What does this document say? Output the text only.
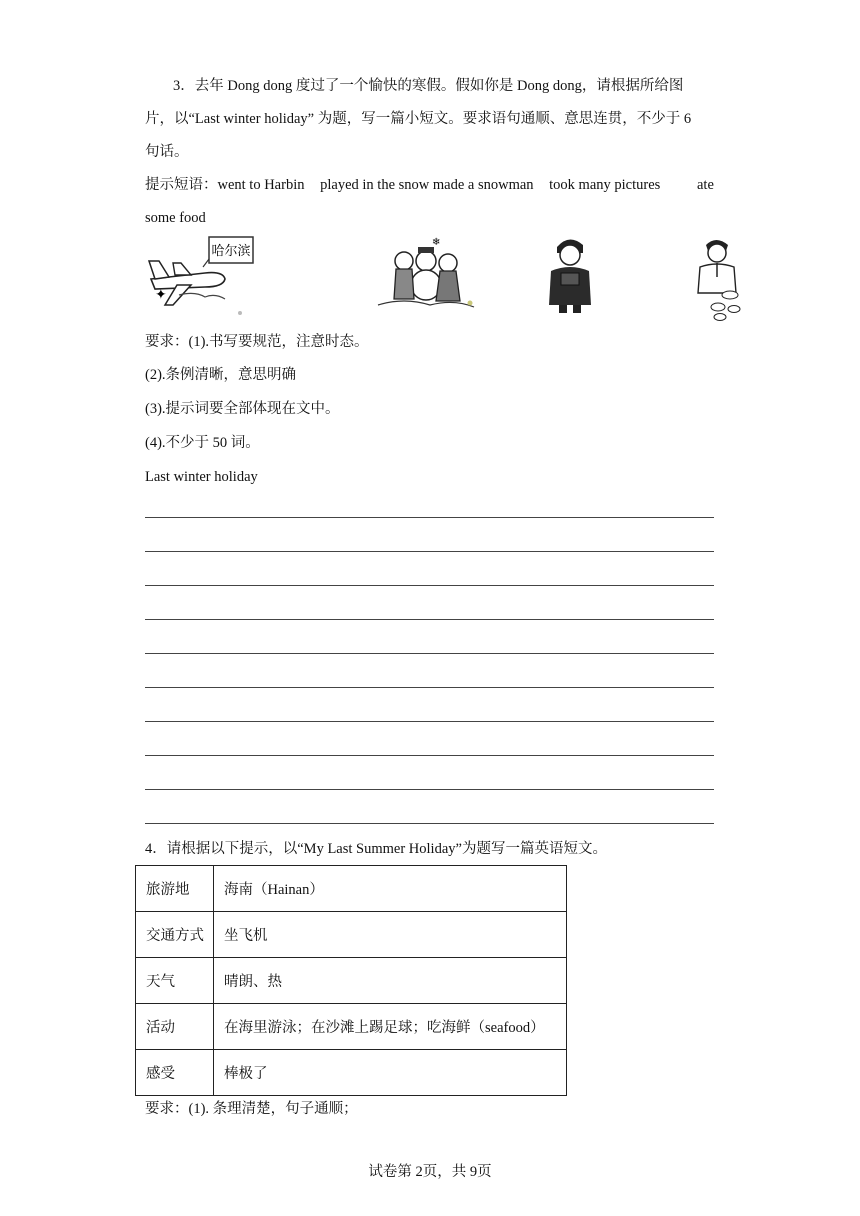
3．去年 Dong dong 度过了一个愉快的寒假。假如你是 Dong dong，请根据所给图
片，以“Last winter holiday” 为题，写一篇小短文。要求语句通顺、意思连贯，不少于 6
句话。
提示短语：went to Harbin played in the snow made a snowman took many pictures	ate
some food
哈尔滨
✦
❄
要求：(1).书写要规范，注意时态。
(2).条例清晰，意思明确
(3).提示词要全部体现在文中。
(4).不少于 50 词。
Last winter holiday
4．请根据以下提示，以“My Last Summer Holiday”为题写一篇英语短文。
旅游地	海南（Hainan）
交通方式	坐飞机
天气	晴朗、热
活动	在海里游泳；在沙滩上踢足球；吃海鲜（seafood）
感受	棒极了
要求：(1). 条理清楚，句子通顺；
试卷第 2页，共 9页
